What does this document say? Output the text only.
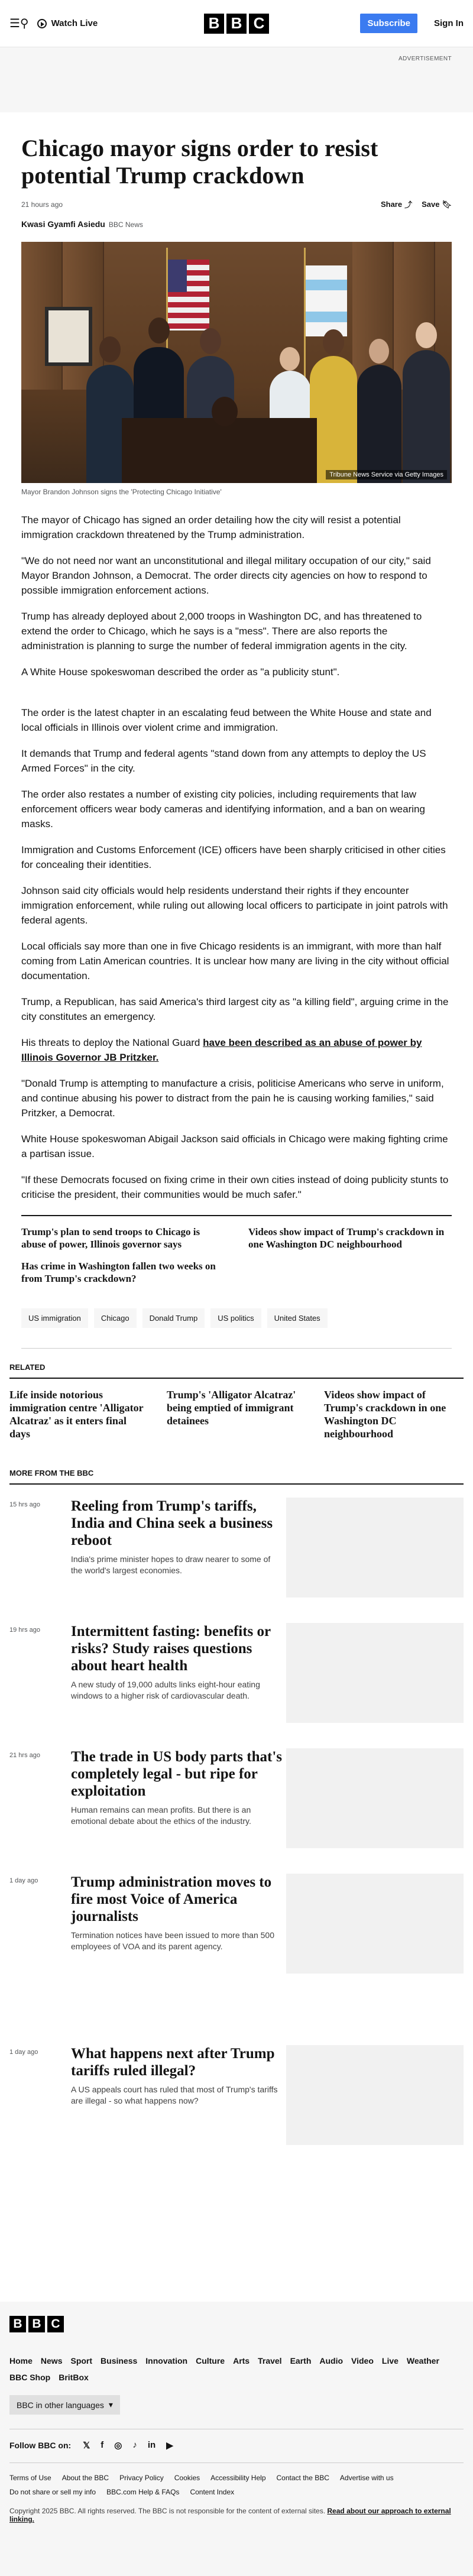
☰⚲	Watch Live	B B C	Subscribe	Sign In
ADVERTISEMENT
Chicago mayor signs order to resist potential Trump crackdown
21 hours ago	Share ⤴ Save 🔖︎
Kwasi Gyamfi Asiedu BBC News
Tribune News Service via Getty Images
Mayor Brandon Johnson signs the 'Protecting Chicago Initiative'

The mayor of Chicago has signed an order detailing how the city will resist a potential immigration crackdown threatened by the Trump administration.

"We do not need nor want an unconstitutional and illegal military occupation of our city," said Mayor Brandon Johnson, a Democrat. The order directs city agencies on how to respond to possible immigration enforcement actions.

Trump has already deployed about 2,000 troops in Washington DC, and has threatened to extend the order to Chicago, which he says is a "mess". There are also reports the administration is planning to surge the number of federal immigration agents in the city.

A White House spokeswoman described the order as "a publicity stunt".

The order is the latest chapter in an escalating feud between the White House and state and local officials in Illinois over violent crime and immigration.

It demands that Trump and federal agents "stand down from any attempts to deploy the US Armed Forces" in the city.

The order also restates a number of existing city policies, including requirements that law enforcement officers wear body cameras and identifying information, and a ban on wearing masks.

Immigration and Customs Enforcement (ICE) officers have been sharply criticised in other cities for concealing their identities.

Johnson said city officials would help residents understand their rights if they encounter immigration enforcement, while ruling out allowing local officers to participate in joint patrols with federal agents.

Local officials say more than one in five Chicago residents is an immigrant, with more than half coming from Latin American countries. It is unclear how many are living in the city without official documentation.

Trump, a Republican, has said America's third largest city as "a killing field", arguing crime in the city constitutes an emergency.

His threats to deploy the National Guard have been described as an abuse of power by Illinois Governor JB Pritzker.

"Donald Trump is attempting to manufacture a crisis, politicise Americans who serve in uniform, and continue abusing his power to distract from the pain he is causing working families," said Pritzker, a Democrat.

White House spokeswoman Abigail Jackson said officials in Chicago were making fighting crime a partisan issue.

"If these Democrats focused on fixing crime in their own cities instead of doing publicity stunts to criticise the president, their communities would be much safer."

Trump's plan to send troops to Chicago is abuse of power, Illinois governor says
Videos show impact of Trump's crackdown in one Washington DC neighbourhood
Has crime in Washington fallen two weeks on from Trump's crackdown?
US immigration	Chicago	Donald Trump	US politics	United States
RELATED
Life inside notorious immigration centre 'Alligator Alcatraz' as it enters final days
Trump's 'Alligator Alcatraz' being emptied of immigrant detainees
Videos show impact of Trump's crackdown in one Washington DC neighbourhood
MORE FROM THE BBC
15 hrs ago	Reeling from Trump's tariffs, India and China seek a business reboot
India's prime minister hopes to draw nearer to some of the world's largest economies.
19 hrs ago	Intermittent fasting: benefits or risks? Study raises questions about heart health
A new study of 19,000 adults links eight-hour eating windows to a higher risk of cardiovascular death.
21 hrs ago	The trade in US body parts that's completely legal - but ripe for exploitation
Human remains can mean profits. But there is an emotional debate about the ethics of the industry.
1 day ago	Trump administration moves to fire most Voice of America journalists
Termination notices have been issued to more than 500 employees of VOA and its parent agency.
1 day ago	What happens next after Trump tariffs ruled illegal?
A US appeals court has ruled that most of Trump's tariffs are illegal - so what happens now?
B B C
Home News Sport Business Innovation Culture Arts Travel Earth Audio Video Live Weather
BBC Shop BritBox
BBC in other languages ▾
Follow BBC on: 𝕏 f ◎ ♪ in ▶
Terms of Use About the BBC Privacy Policy Cookies Accessibility Help Contact the BBC Advertise with us
Do not share or sell my info BBC.com Help & FAQs Content Index
Copyright 2025 BBC. All rights reserved. The BBC is not responsible for the content of external sites. Read about our approach to external linking.
